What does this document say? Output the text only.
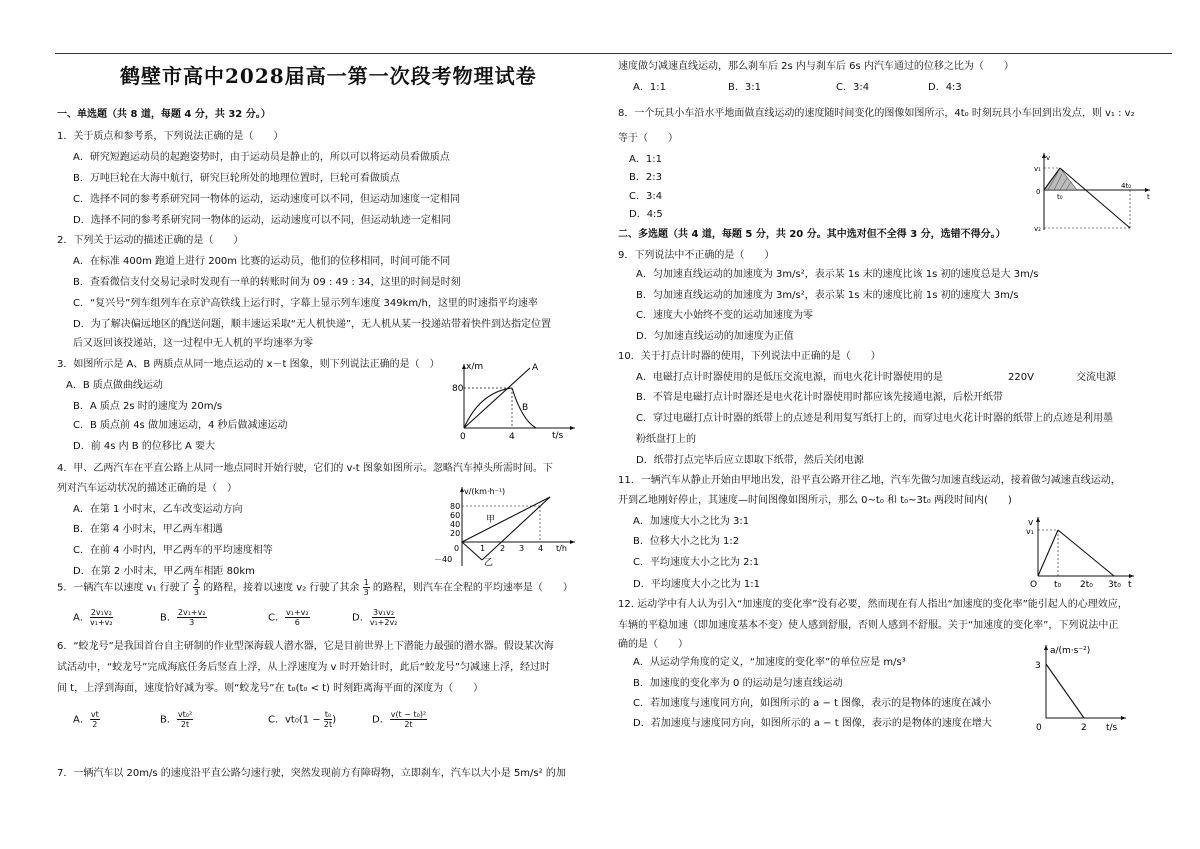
鹤壁市高中2028届高一第一次段考物理试卷
一、单选题（共 8 道，每题 4 分，共 32 分。）
1．关于质点和参考系，下列说法正确的是（　　）
A．研究短跑运动员的起跑姿势时，由于运动员是静止的，所以可以将运动员看做质点
B．万吨巨轮在大海中航行，研究巨轮所处的地理位置时，巨轮可看做质点
C．选择不同的参考系研究同一物体的运动，运动速度可以不同，但运动加速度一定相同
D．选择不同的参考系研究同一物体的运动，运动速度可以不同，但运动轨迹一定相同
2．下列关于运动的描述正确的是（　　）
A．在标准 400m 跑道上进行 200m 比赛的运动员，他们的位移相同，时间可能不同
B．查看微信支付交易记录时发现有一单的转账时间为 09 : 49 : 34，这里的时间是时刻
C．“复兴号”列车组列车在京沪高铁线上运行时，字幕上显示列车速度 349km/h，这里的时速指平均速率
D．为了解决偏远地区的配送问题，顺丰速运采取“无人机快递”，无人机从某一投递站带着快件到达指定位置
后又返回该投递站，这一过程中无人机的平均速率为零
3．如图所示是 A、B 两质点从同一地点运动的 x－t 图象，则下列说法正确的是（　）
A．B 质点做曲线运动
B．A 质点 2s 时的速度为 20m/s
C．B 质点前 4s 做加速运动，4 秒后做减速运动
D．前 4s 内 B 的位移比 A 要大
x/m
80
0	4	t/s
A
B
4．甲、乙两汽车在平直公路上从同一地点同时开始行驶，它们的 v-t 图象如图所示。忽略汽车掉头所需时间。下
列对汽车运动状况的描述正确的是（　）
A．在第 1 小时末，乙车改变运动方向
B．在第 4 小时末，甲乙两车相遇
C．在前 4 小时内，甲乙两车的平均速度相等
D．在第 2 小时末，甲乙两车相距 80km
v/(km·h⁻¹)
80
60
40
20
－40
0	1 2 3 4 t/h
甲
乙
5．一辆汽车以速度 v₁ 行驶了 $\frac{2}{3}$ 的路程，接着以速度 v₂ 行驶了其余 $\frac{1}{3}$ 的路程，则汽车在全程的平均速率是（　　）
A． $\frac{\text{2v₁v₂}}{\text{v₁+v₂}}$	B． $\frac{\text{2v₁+v₂}}{3}$	C． $\frac{\text{v₁+v₂}}{6}$	D． $\frac{\text{3v₁v₂}}{\text{v₁+2v₂}}$
6．“蛟龙号”是我国首台自主研制的作业型深海载人潜水器，它是目前世界上下潜能力最强的潜水器。假设某次海
试活动中，“蛟龙号”完成海底任务后竖直上浮，从上浮速度为 v 时开始计时，此后“蛟龙号”匀减速上浮，经过时
间 t，上浮到海面，速度恰好减为零。则“蛟龙号”在 t₀(t₀ < t) 时刻距离海平面的深度为（　　）
A． $\frac{vt}{2}$	B． $\frac{\text{vt₀²}}{2t}$	C．$vt_0(1 - \frac{\text{t₀}}{2t}$ )	D． $\frac{\text{v(t − t₀)²}}{2t}$
7．一辆汽车以 20m/s 的速度沿平直公路匀速行驶，突然发现前方有障碍物，立即刹车，汽车以大小是 5m/s² 的加
速度做匀减速直线运动，那么刹车后 2s 内与刹车后 6s 内汽车通过的位移之比为（　　）
A．1:1	B．3:1	C．3:4	D．4:3
8．一个玩具小车沿水平地面做直线运动的速度随时间变化的图像如图所示，4t₀ 时刻玩具小车回到出发点，则 v₁ : v₂
等于（　　）
A．1:1
B．2:3
C．3:4
D．4:5
v
v₁
v₂
0
t₀
4t₀
t
二、多选题（共 4 道，每题 5 分，共 20 分。其中选对但不全得 3 分，选错不得分。）
9．下列说法中不正确的是（　　）
A．匀加速直线运动的加速度为 3m/s²，表示某 1s 末的速度比该 1s 初的速度总是大 3m/s
B．匀加速直线运动的加速度为 3m/s²，表示某 1s 末的速度比前 1s 初的速度大 3m/s
C．速度大小始终不变的运动加速度为零
D．匀加速直线运动的加速度为正值
10．关于打点计时器的使用，下列说法中正确的是（　　）
A．电磁打点计时器使用的是低压交流电源，而电火花计时器使用的是	220V	交流电源
B．不管是电磁打点计时器还是电火花计时器使用时都应该先接通电源，后松开纸带
C．穿过电磁打点计时器的纸带上的点迹是利用复写纸打上的，而穿过电火花计时器的纸带上的点迹是利用墨
粉纸盘打上的
D．纸带打点完毕后应立即取下纸带，然后关闭电源
11．一辆汽车从静止开始由甲地出发，沿平直公路开往乙地，汽车先做匀加速直线运动，接着做匀减速直线运动，
开到乙地刚好停止，其速度—时间图像如图所示，那么 0~t₀ 和 t₀~3t₀ 两段时间内(　　)
A．加速度大小之比为 3:1
B．位移大小之比为 1:2
C．平均速度大小之比为 2:1
D．平均速度大小之比为 1:1
v
v₁
O t₀ 2t₀ 3t₀ t
12. 运动学中有人认为引入“加速度的变化率”没有必要，然而现在有人指出“加速度的变化率”能引起人的心理效应，
车辆的平稳加速（即加速度基本不变）使人感到舒服，否则人感到不舒服。关于“加速度的变化率”，下列说法中正
确的是（　　）
A．从运动学角度的定义，“加速度的变化率”的单位应是 m/s³
B．加速度的变化率为 0 的运动是匀速直线运动
C．若加速度与速度同方向，如图所示的 a − t 图像，表示的是物体的速度在减小
D．若加速度与速度同方向，如图所示的 a − t 图像，表示的是物体的速度在增大
a/(m·s⁻²)
3
0	2 t/s
